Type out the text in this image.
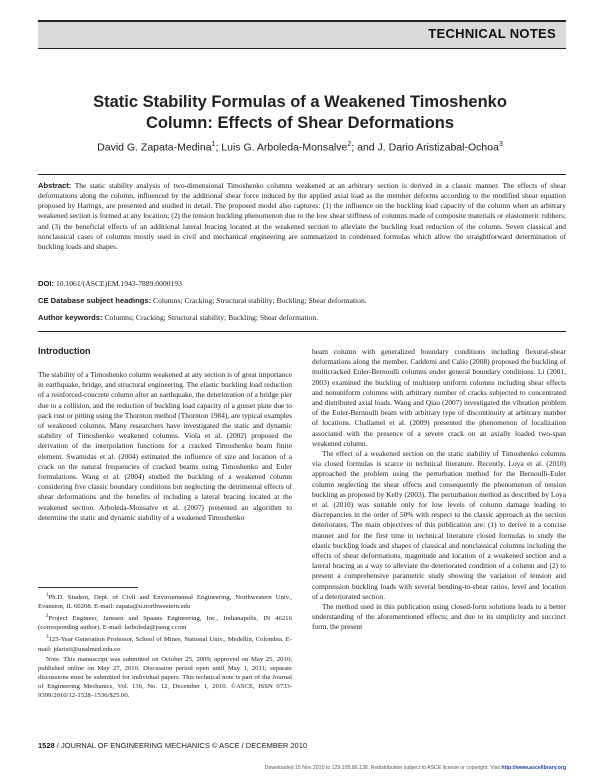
TECHNICAL NOTES
Static Stability Formulas of a Weakened Timoshenko
Column: Effects of Shear Deformations
David G. Zapata-Medina$^1$; Luis G. Arboleda-Monsalve$^2$; and J. Dario Aristizabal-Ochoa$^3$

Abstract: The static stability analysis of two-dimensional Timoshenko columns weakened at an arbitrary section is derived in a classic manner. The effects of shear deformations along the column, influenced by the additional shear force induced by the applied axial load as the member deforms according to the modified shear equation proposed by Haringx, are presented and studied in detail. The proposed model also captures: (1) the influence on the buckling load capacity of the column when an arbitrary weakened section is formed at any location; (2) the tension buckling phenomenon due to the low shear stiffness of columns made of composite materials or elastomeric rubbers; and (3) the beneficial effects of an additional lateral bracing located at the weakened section to alleviate the buckling load reduction of the column. Seven classical and nonclassical cases of columns mostly used in civil and mechanical engineering are summarized in condensed formulas which allow the straightforward determination of buckling loads and shapes.

DOI: 10.1061/(ASCE)EM.1943-7889.0000193

CE Database subject headings: Columns; Cracking; Structural stability; Buckling; Shear deformation.

Author keywords: Columns; Cracking; Structural stability; Buckling; Shear deformation.

Introduction

The stability of a Timoshenko column weakened at any section is of great importance in earthquake, bridge, and structural engineering. The elastic buckling load reduction of a reinforced-concrete column after an earthquake, the deterioration of a bridge pier due to a collision, and the reduction of buckling load capacity of a gusset plate due to pack rust or pitting using the Thornton method (Thornton 1984), are typical examples of weakened columns. Many researchers have investigated the static and dynamic stability of Timoshenko weakened columns. Viola et al. (2002) proposed the derivation of the interpolation functions for a cracked Timoshenko beam finite element. Swamidas et al. (2004) estimated the influence of size and location of a crack on the natural frequencies of cracked beams using Timoshenko and Euler formulations. Wang et al. (2004) studied the buckling of a weakened column considering five classic boundary conditions but neglecting the detrimental effects of shear deformations and the benefits of including a lateral bracing located at the weakened section. Arboleda-Monsalve et al. (2007) presented an algorithm to determine the static and dynamic stability of a weakened Timoshenko

$^1$Ph.D. Student, Dept. of Civil and Environmental Engineering, Northwestern Univ., Evanston, IL 60208. E-mail: zapata@u.northwestern.edu

$^2$Project Engineer, Janssen and Spaans Engineering, Inc., Indianapolis, IN 46216 (corresponding author). E-mail: larboleda@jseng r.com

$^3$125-Year Generation Professor, School of Mines, National Univ., Medellin, Colombia. E-mail: jdaristi@unalmed.edu.co

Note. This manuscript was submitted on October 25, 2009; approved on May 25, 2010; published online on May 27, 2010. Discussion period open until May 1, 2011; separate discussions must be submitted for individual papers. This technical note is part of the Journal of Engineering Mechanics, Vol. 136, No. 12, December 1, 2010. ©ASCE, ISSN 0733-9399/2010/12-1528–1536/$25.00.

beam column with generalized boundary conditions including flexural-shear deformations along the member. Caddemi and Calio (2008) proposed the buckling of multicracked Euler-Bernoulli columns under general boundary conditions. Li (2001, 2003) examined the buckling of multistep uniform columns including shear effects and nonuniform columns with arbitrary number of cracks subjected to concentrated and distributed axial loads. Wang and Qiao (2007) investigated the vibration problem of the Euler-Bernoulli beam with arbitrary type of discontinuity at arbitrary number of locations. Challamel et al. (2009) presented the phenomenon of localization associated with the presence of a severe crack on an axially loaded two-span weakened column.

The effect of a weakened section on the static stability of Timoshenko columns via closed formulas is scarce in technical literature. Recently, Loya et al. (2010) approached the problem using the perturbation method for the Bernoulli-Euler column neglecting the shear effects and consequently the phenomenon of tension buckling as proposed by Kelly (2003). The perturbation method as described by Loya et al. (2010) was suitable only for low levels of column damage leading to discrepancies in the order of 50% with respect to the classic approach as the section deteriorates. The main objectives of this publication are: (1) to derive in a concise manner and for the first time in technical literature closed formulas to study the elastic buckling loads and shapes of classical and nonclassical columns including the effects of shear deformations, magnitude and location of a weakened section and a lateral bracing as a way to alleviate the deteriorated condition of a column and (2) to present a comprehensive parametric study showing the variation of tension and compression buckling loads with several bending-to-shear ratios, level and location of a deteriorated section.

The method used in this publication using closed-form solutions leads to a better understanding of the aforementioned effects; and due to its simplicity and succinct form, the present

1528 / JOURNAL OF ENGINEERING MECHANICS © ASCE / DECEMBER 2010
Downloaded 15 Nov 2010 to 129.105.86.138. Redistribution subject to ASCE license or copyright. Visit http://www.ascelibrary.org
